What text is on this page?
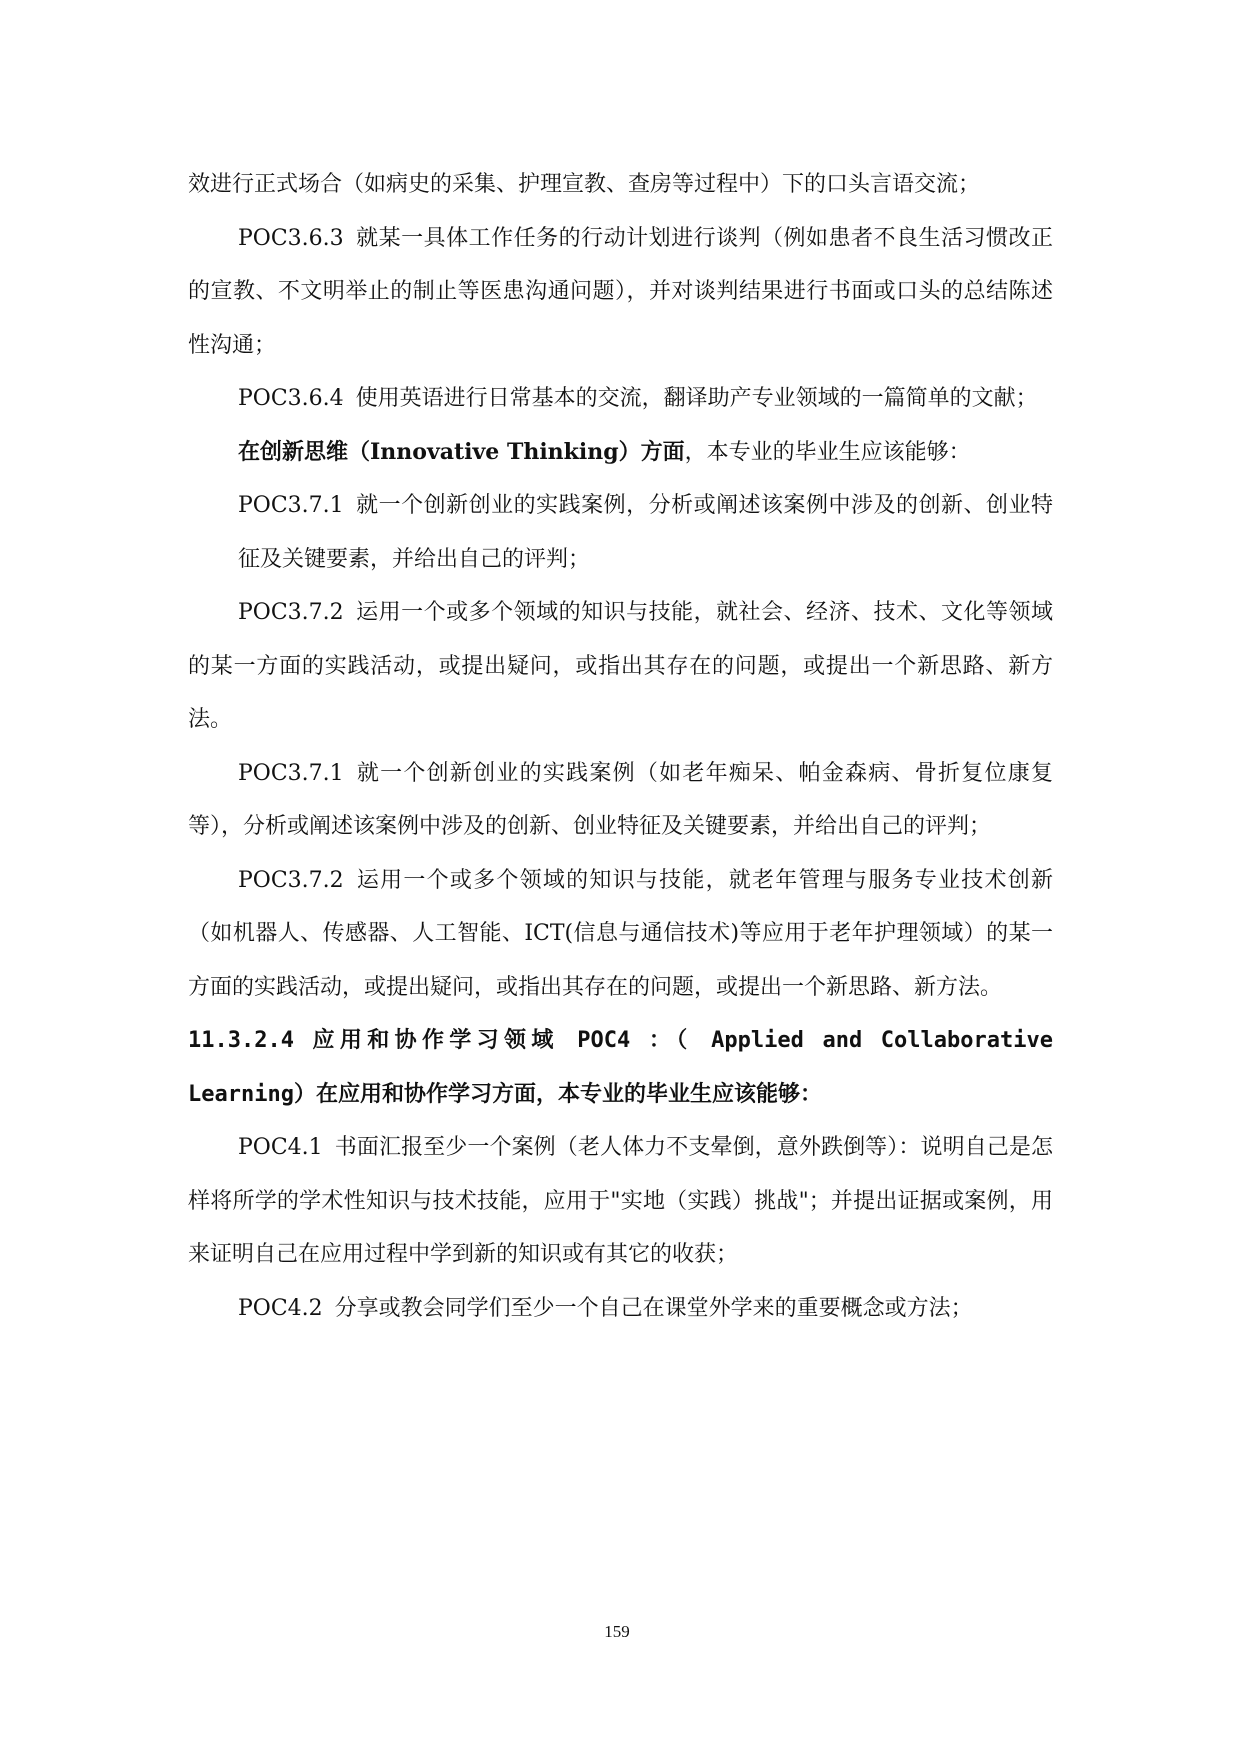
效进行正式场合（如病史的采集、护理宣教、查房等过程中）下的口头言语交流；

POC3.6.3 就某一具体工作任务的行动计划进行谈判（例如患者不良生活习惯改正的宣教、不文明举止的制止等医患沟通问题），并对谈判结果进行书面或口头的总结陈述性沟通；

POC3.6.4 使用英语进行日常基本的交流，翻译助产专业领域的一篇简单的文献；

在创新思维（Innovative Thinking）方面，本专业的毕业生应该能够：

POC3.7.1 就一个创新创业的实践案例，分析或阐述该案例中涉及的创新、创业特征及关键要素，并给出自己的评判；

POC3.7.2 运用一个或多个领域的知识与技能，就社会、经济、技术、文化等领域的某一方面的实践活动，或提出疑问，或指出其存在的问题，或提出一个新思路、新方法。

POC3.7.1 就一个创新创业的实践案例（如老年痴呆、帕金森病、骨折复位康复等），分析或阐述该案例中涉及的创新、创业特征及关键要素，并给出自己的评判；

POC3.7.2 运用一个或多个领域的知识与技能，就老年管理与服务专业技术创新（如机器人、传感器、人工智能、ICT(信息与通信技术)等应用于老年护理领域）的某一方面的实践活动，或提出疑问，或指出其存在的问题，或提出一个新思路、新方法。

11.3.2.4 应用和协作学习领域 POC4 ：（ Applied and Collaborative Learning）在应用和协作学习方面，本专业的毕业生应该能够：

POC4.1 书面汇报至少一个案例（老人体力不支晕倒，意外跌倒等）：说明自己是怎样将所学的学术性知识与技术技能，应用于"实地（实践）挑战"；并提出证据或案例，用来证明自己在应用过程中学到新的知识或有其它的收获；

POC4.2 分享或教会同学们至少一个自己在课堂外学来的重要概念或方法；

159
